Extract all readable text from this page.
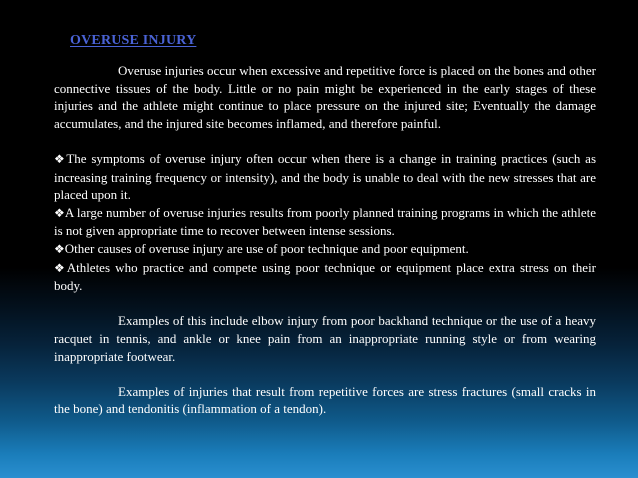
OVERUSE INJURY

Overuse injuries occur when excessive and repetitive force is placed on the bones and other connective tissues of the body. Little or no pain might be experienced in the early stages of these injuries and the athlete might continue to place pressure on the injured site; Eventually the damage accumulates, and the injured site becomes inflamed, and therefore painful.

❖The symptoms of overuse injury often occur when there is a change in training practices (such as increasing training frequency or intensity), and the body is unable to deal with the new stresses that are placed upon it.

❖A large number of overuse injuries results from poorly planned training programs in which the athlete is not given appropriate time to recover between intense sessions.

❖Other causes of overuse injury are use of poor technique and poor equipment.

❖Athletes who practice and compete using poor technique or equipment place extra stress on their body.

Examples of this include elbow injury from poor backhand technique or the use of a heavy racquet in tennis, and ankle or knee pain from an inappropriate running style or from wearing inappropriate footwear.

Examples of injuries that result from repetitive forces are stress fractures (small cracks in the bone) and tendonitis (inflammation of a tendon).
